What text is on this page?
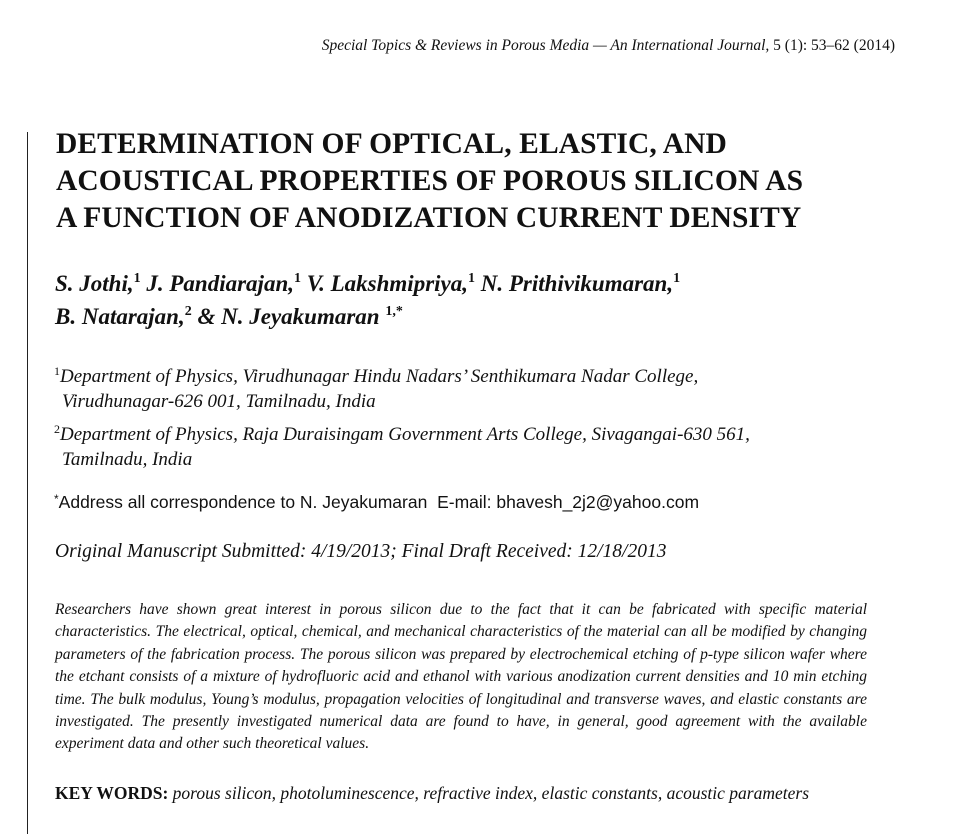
Special Topics & Reviews in Porous Media — An International Journal, 5 (1): 53–62 (2014)
DETERMINATION OF OPTICAL, ELASTIC, AND
ACOUSTICAL PROPERTIES OF POROUS SILICON AS
A FUNCTION OF ANODIZATION CURRENT DENSITY
S. Jothi,$^1$ J. Pandiarajan,$^1$ V. Lakshmipriya,$^1$ N. Prithivikumaran,$^1$
B. Natarajan,$^2$ & N. Jeyakumaran $^{1,*}$
$^1$Department of Physics, Virudhunagar Hindu Nadars’ Senthikumara Nadar College,
Virudhunagar-626 001, Tamilnadu, India
$^2$Department of Physics, Raja Duraisingam Government Arts College, Sivagangai-630 561,
Tamilnadu, India
*Address all correspondence to N. Jeyakumaran E-mail: bhavesh_2j2@yahoo.com
Original Manuscript Submitted: 4/19/2013; Final Draft Received: 12/18/2013

Researchers have shown great interest in porous silicon due to the fact that it can be fabricated with specific material characteristics. The electrical, optical, chemical, and mechanical characteristics of the material can all be modified by changing parameters of the fabrication process. The porous silicon was prepared by electrochemical etching of p-type silicon wafer where the etchant consists of a mixture of hydrofluoric acid and ethanol with various anodization current densities and 10 min etching time. The bulk modulus, Young’s modulus, propagation velocities of longitudinal and transverse waves, and elastic constants are investigated. The presently investigated numerical data are found to have, in general, good agreement with the available experiment data and other such theoretical values.

KEY WORDS: porous silicon, photoluminescence, refractive index, elastic constants, acoustic parameters
